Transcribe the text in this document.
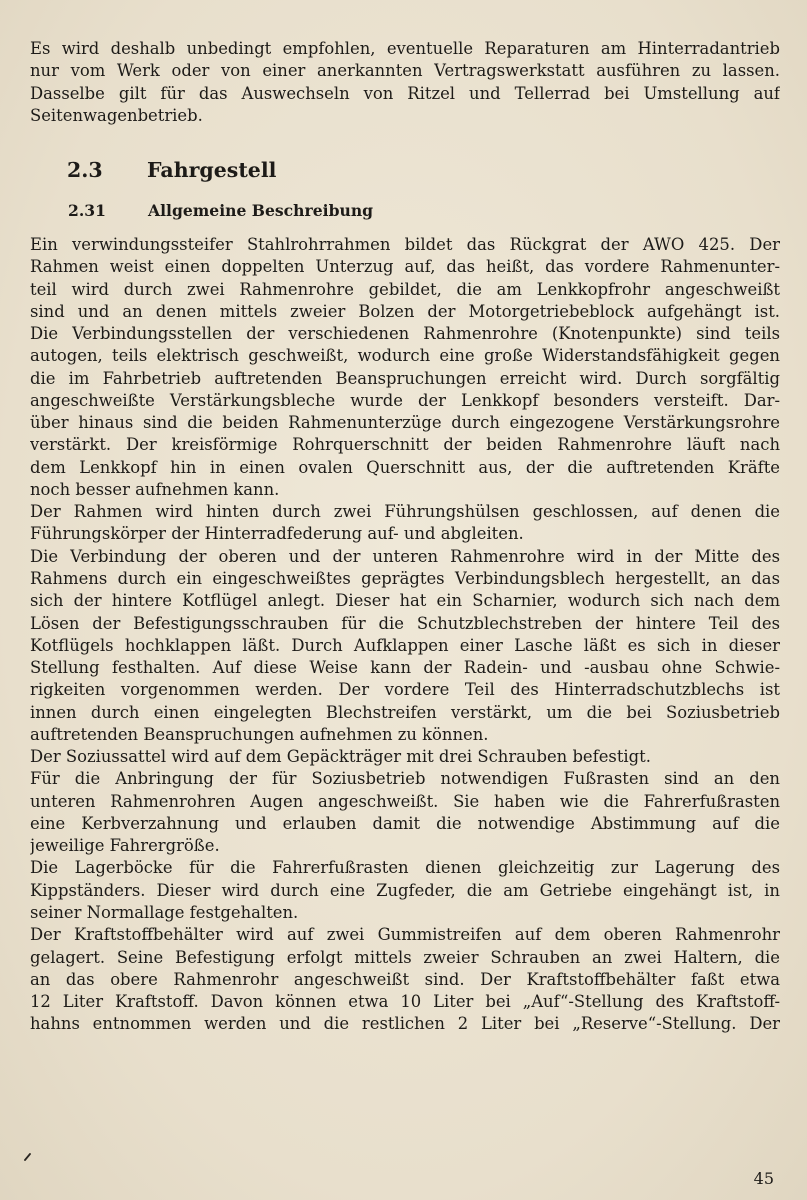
Es wird deshalb unbedingt empfohlen, eventuelle Reparaturen am Hinterradantrieb
nur vom Werk oder von einer anerkannten Vertragswerkstatt ausführen zu lassen.
Dasselbe gilt für das Auswechseln von Ritzel und Tellerrad bei Umstellung auf
Seitenwagenbetrieb.
2.3 Fahrgestell
2.31	Allgemeine Beschreibung
Ein verwindungssteifer Stahlrohrrahmen bildet das Rückgrat der AWO 425. Der
Rahmen weist einen doppelten Unterzug auf, das heißt, das vordere Rahmenunter-
teil wird durch zwei Rahmenrohre gebildet, die am Lenkkopfrohr angeschweißt
sind und an denen mittels zweier Bolzen der Motorgetriebeblock aufgehängt ist.
Die Verbindungsstellen der verschiedenen Rahmenrohre (Knotenpunkte) sind teils
autogen, teils elektrisch geschweißt, wodurch eine große Widerstandsfähigkeit gegen
die im Fahrbetrieb auftretenden Beanspruchungen erreicht wird. Durch sorgfältig
angeschweißte Verstärkungsbleche wurde der Lenkkopf besonders versteift. Dar-
über hinaus sind die beiden Rahmenunterzüge durch eingezogene Verstärkungsrohre
verstärkt. Der kreisförmige Rohrquerschnitt der beiden Rahmenrohre läuft nach
dem Lenkkopf hin in einen ovalen Querschnitt aus, der die auftretenden Kräfte
noch besser aufnehmen kann.
Der Rahmen wird hinten durch zwei Führungshülsen geschlossen, auf denen die
Führungskörper der Hinterradfederung auf- und abgleiten.
Die Verbindung der oberen und der unteren Rahmenrohre wird in der Mitte des
Rahmens durch ein eingeschweißtes geprägtes Verbindungsblech hergestellt, an das
sich der hintere Kotflügel anlegt. Dieser hat ein Scharnier, wodurch sich nach dem
Lösen der Befestigungsschrauben für die Schutzblechstreben der hintere Teil des
Kotflügels hochklappen läßt. Durch Aufklappen einer Lasche läßt es sich in dieser
Stellung festhalten. Auf diese Weise kann der Radein- und -ausbau ohne Schwie-
rigkeiten vorgenommen werden. Der vordere Teil des Hinterradschutzblechs ist
innen durch einen eingelegten Blechstreifen verstärkt, um die bei Soziusbetrieb
auftretenden Beanspruchungen aufnehmen zu können.
Der Soziussattel wird auf dem Gepäckträger mit drei Schrauben befestigt.
Für die Anbringung der für Soziusbetrieb notwendigen Fußrasten sind an den
unteren Rahmenrohren Augen angeschweißt. Sie haben wie die Fahrerfußrasten
eine Kerbverzahnung und erlauben damit die notwendige Abstimmung auf die
jeweilige Fahrergröße.
Die Lagerböcke für die Fahrerfußrasten dienen gleichzeitig zur Lagerung des
Kippständers. Dieser wird durch eine Zugfeder, die am Getriebe eingehängt ist, in
seiner Normallage festgehalten.
Der Kraftstoffbehälter wird auf zwei Gummistreifen auf dem oberen Rahmenrohr
gelagert. Seine Befestigung erfolgt mittels zweier Schrauben an zwei Haltern, die
an das obere Rahmenrohr angeschweißt sind. Der Kraftstoffbehälter faßt etwa
12 Liter Kraftstoff. Davon können etwa 10 Liter bei „Auf“-Stellung des Kraftstoff-
hahns entnommen werden und die restlichen 2 Liter bei „Reserve“-Stellung. Der
45
